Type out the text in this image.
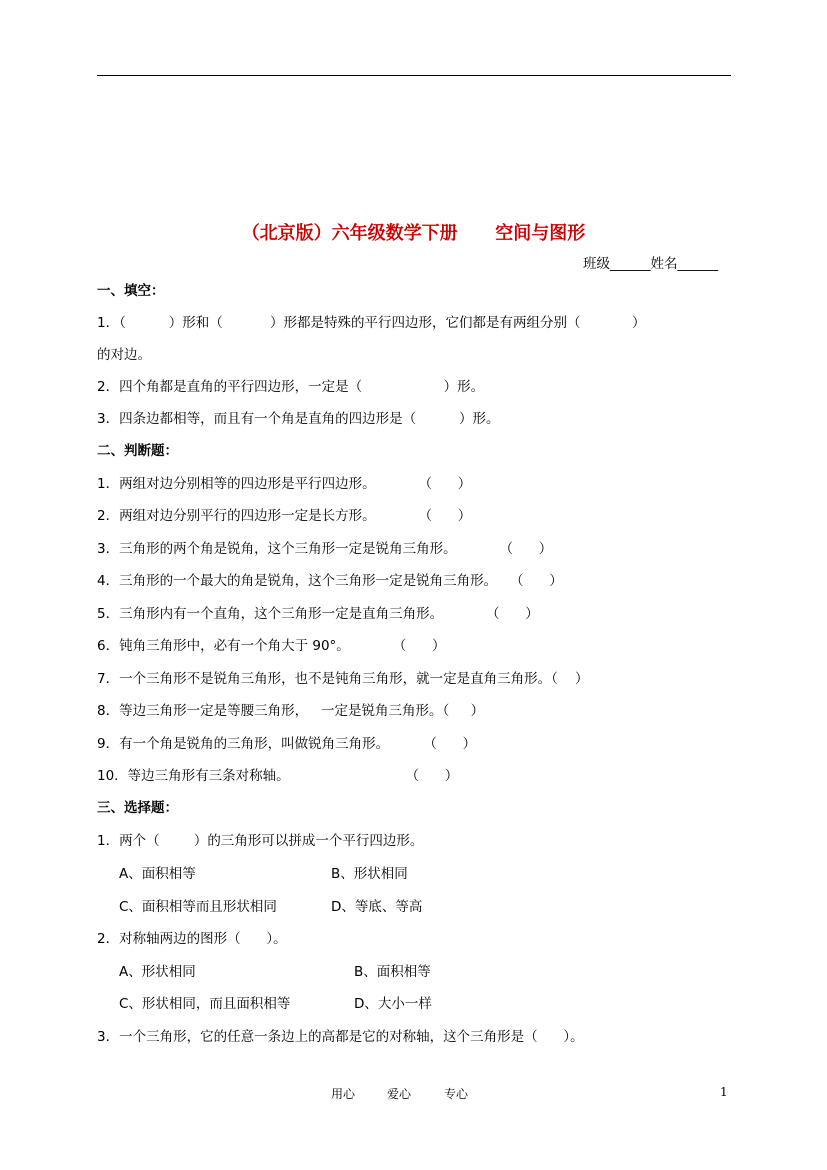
（北京版）六年级数学下册      空间与图形
班级______姓名______
一、填空：
1．（          ）形和（           ）形都是特殊的平行四边形，它们都是有两组分别（            ）
的对边。
2．四个角都是直角的平行四边形，一定是（                   ）形。
3．四条边都相等，而且有一个角是直角的四边形是（          ）形。
二、判断题：
1．两组对边分别相等的四边形是平行四边形。          （      ）
2．两组对边分别平行的四边形一定是长方形。          （      ）
3．三角形的两个角是锐角，这个三角形一定是锐角三角形。          （      ）
4．三角形的一个最大的角是锐角，这个三角形一定是锐角三角形。   （      ）
5．三角形内有一个直角，这个三角形一定是直角三角形。          （      ）
6．钝角三角形中，必有一个角大于 90°。          （      ）
7．一个三角形不是锐角三角形，也不是钝角三角形，就一定是直角三角形。（    ）
8．等边三角形一定是等腰三角形，   一定是锐角三角形。（     ）
9．有一个角是锐角的三角形，叫做锐角三角形。        （      ）
10．等边三角形有三条对称轴。                           （      ）
三、选择题：
1．两个（        ）的三角形可以拼成一个平行四边形。
A、面积相等	B、形状相同
C、面积相等而且形状相同	D、等底、等高
2．对称轴两边的图形（      ）。
A、形状相同	B、面积相等
C、形状相同，而且面积相等	D、大小一样
3．一个三角形，它的任意一条边上的高都是它的对称轴，这个三角形是（      ）。
用心	爱心	专心	1
